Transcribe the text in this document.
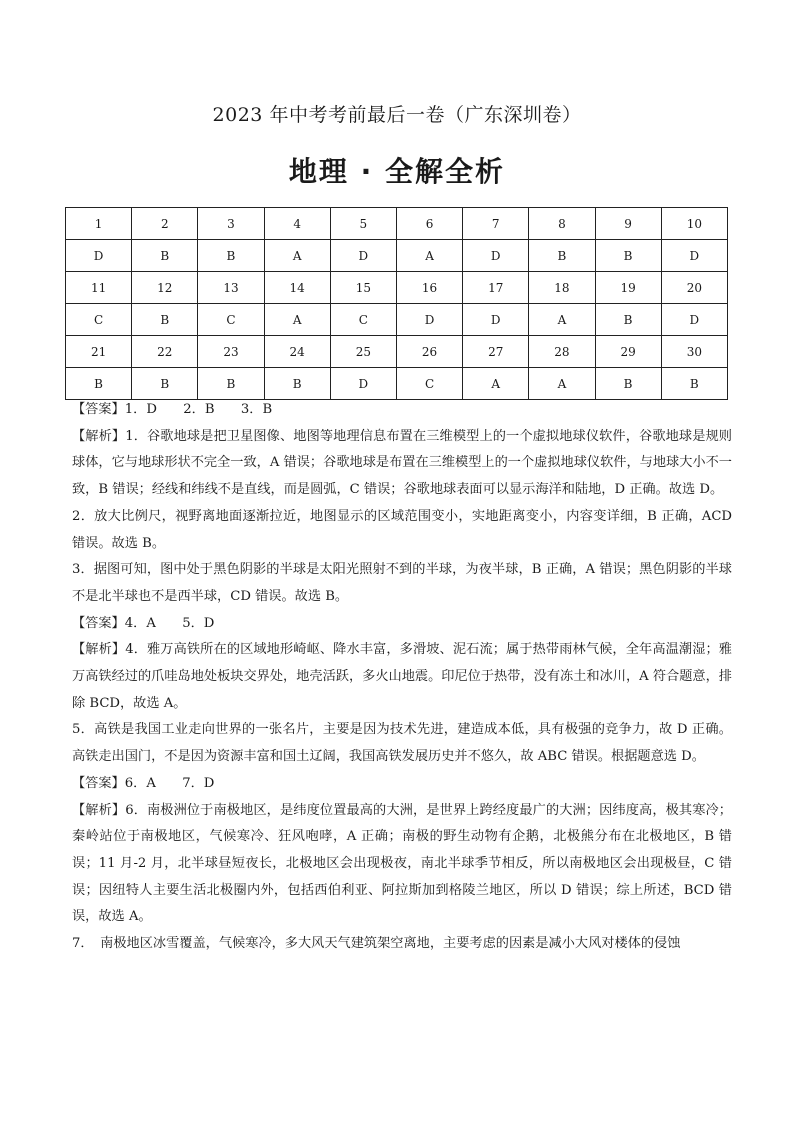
2023 年中考考前最后一卷（广东深圳卷）
地理 · 全解全析
1	2	3	4	5	6	7	8	9	10
D	B	B	A	D	A	D	B	B	D
11	12	13	14	15	16	17	18	19	20
C	B	C	A	C	D	D	A	B	D
21	22	23	24	25	26	27	28	29	30
B	B	B	B	D	C	A	A	B	B

【答案】1．D　　2．B　　3．B

【解析】1．谷歌地球是把卫星图像、地图等地理信息布置在三维模型上的一个虚拟地球仪软件，谷歌地球是规则球体，它与地球形状不完全一致，A 错误；谷歌地球是布置在三维模型上的一个虚拟地球仪软件，与地球大小不一致，B 错误；经线和纬线不是直线，而是圆弧，C 错误；谷歌地球表面可以显示海洋和陆地，D 正确。故选 D。

2．放大比例尺，视野离地面逐渐拉近，地图显示的区域范围变小，实地距离变小，内容变详细，B 正确，ACD 错误。故选 B。

3．据图可知，图中处于黑色阴影的半球是太阳光照射不到的半球，为夜半球，B 正确，A 错误；黑色阴影的半球不是北半球也不是西半球，CD 错误。故选 B。

【答案】4．A　　5．D

【解析】4．雅万高铁所在的区域地形崎岖、降水丰富，多滑坡、泥石流；属于热带雨林气候，全年高温潮湿；雅万高铁经过的爪哇岛地处板块交界处，地壳活跃，多火山地震。印尼位于热带，没有冻土和冰川，A 符合题意，排除 BCD，故选 A。

5．高铁是我国工业走向世界的一张名片，主要是因为技术先进，建造成本低，具有极强的竞争力，故 D 正确。高铁走出国门，不是因为资源丰富和国土辽阔，我国高铁发展历史并不悠久，故 ABC 错误。根据题意选 D。

【答案】6．A　　7．D

【解析】6．南极洲位于南极地区，是纬度位置最高的大洲，是世界上跨经度最广的大洲；因纬度高，极其寒冷；秦岭站位于南极地区，气候寒冷、狂风咆哮，A 正确；南极的野生动物有企鹅，北极熊分布在北极地区，B 错误；11 月-2 月，北半球昼短夜长，北极地区会出现极夜，南北半球季节相反，所以南极地区会出现极昼，C 错误；因纽特人主要生活北极圈内外，包括西伯利亚、阿拉斯加到格陵兰地区，所以 D 错误；综上所述，BCD 错误，故选 A。

7．　南极地区冰雪覆盖，气候寒冷，多大风天气建筑架空离地，主要考虑的因素是减小大风对楼体的侵蚀
